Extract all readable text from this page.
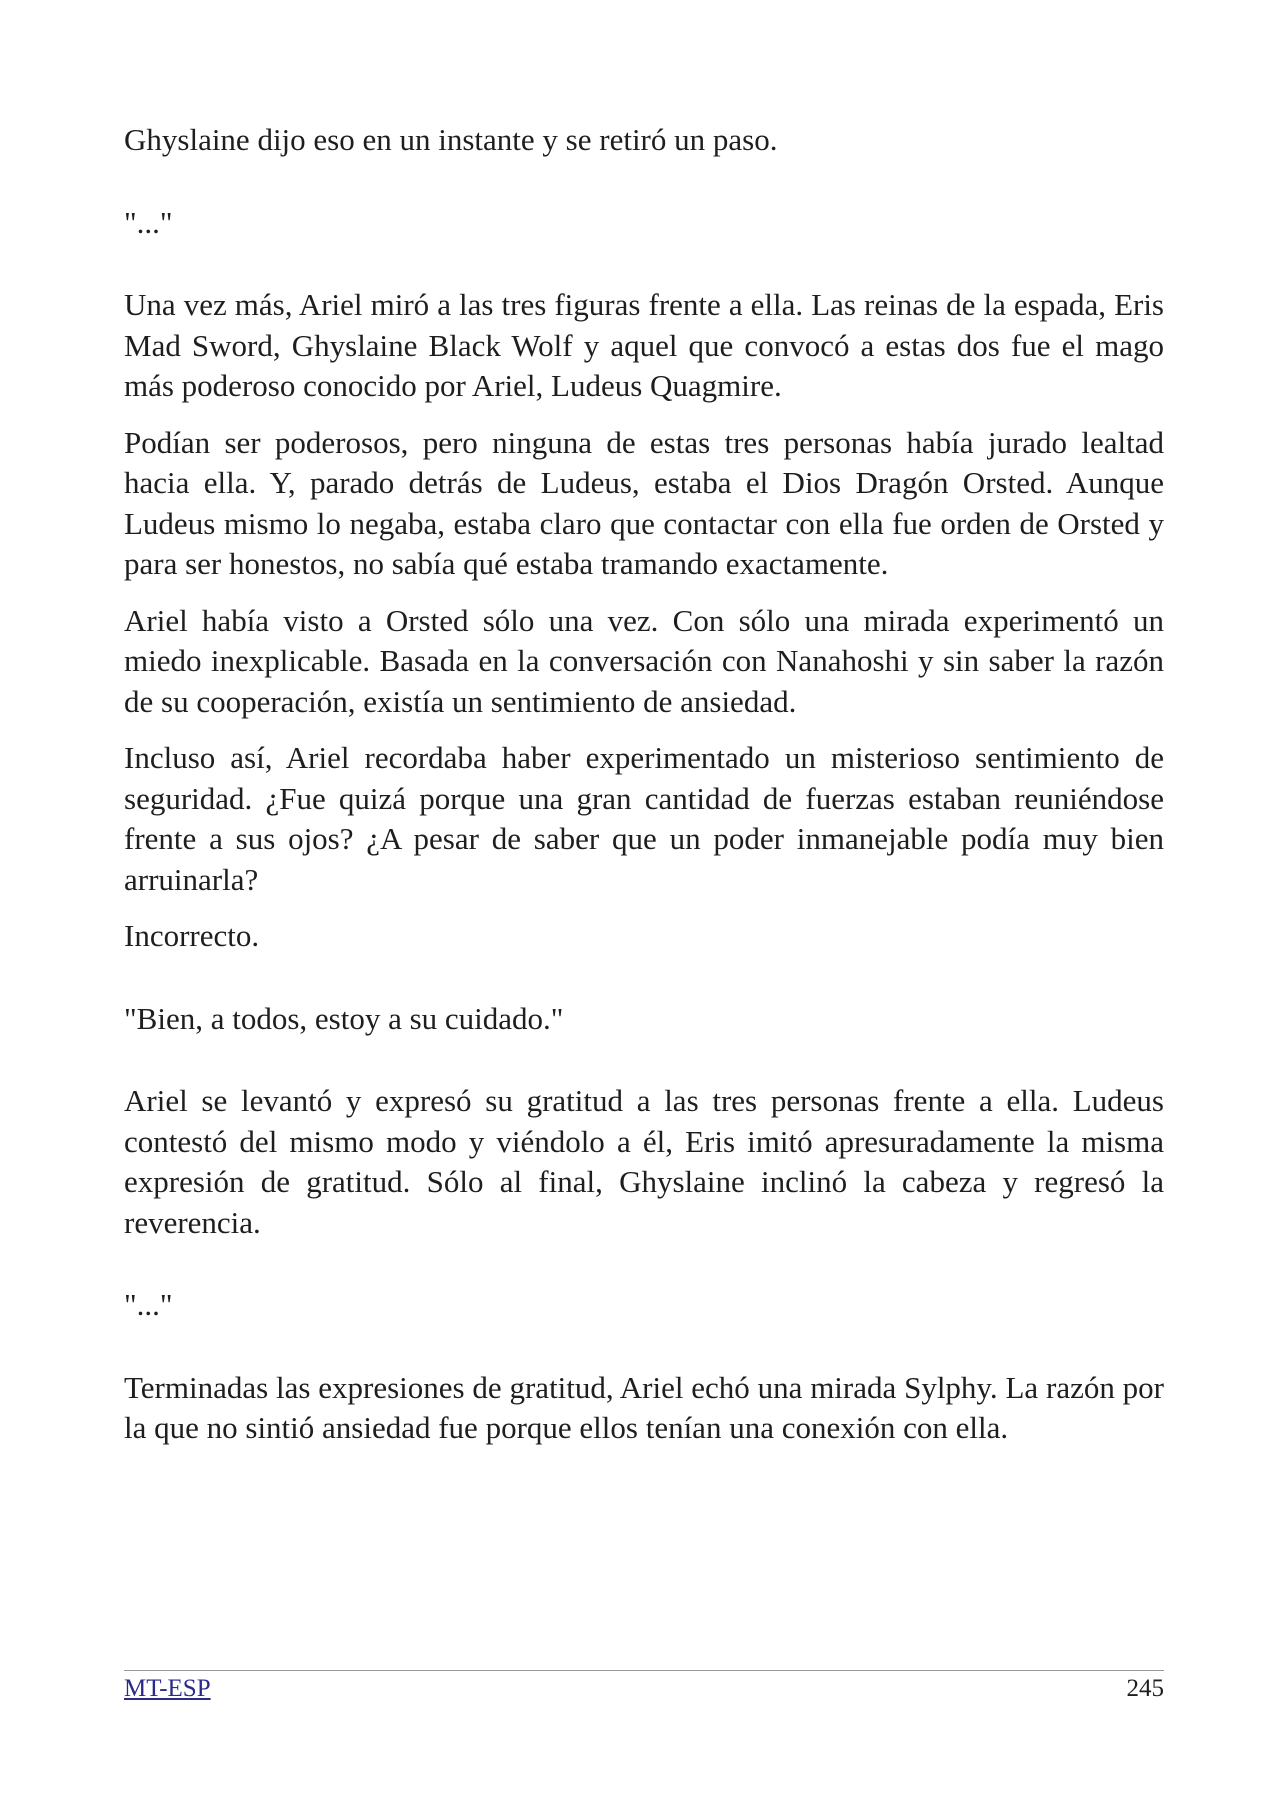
Ghyslaine dijo eso en un instante y se retiró un paso.

"..."

Una vez más, Ariel miró a las tres figuras frente a ella. Las reinas de la espada, Eris Mad Sword, Ghyslaine Black Wolf y aquel que convocó a estas dos fue el mago más poderoso conocido por Ariel, Ludeus Quagmire.

Podían ser poderosos, pero ninguna de estas tres personas había jurado lealtad hacia ella. Y, parado detrás de Ludeus, estaba el Dios Dragón Orsted. Aunque Ludeus mismo lo negaba, estaba claro que contactar con ella fue orden de Orsted y para ser honestos, no sabía qué estaba tramando exactamente.

Ariel había visto a Orsted sólo una vez. Con sólo una mirada experimentó un miedo inexplicable. Basada en la conversación con Nanahoshi y sin saber la razón de su cooperación, existía un sentimiento de ansiedad.

Incluso así, Ariel recordaba haber experimentado un misterioso sentimiento de seguridad. ¿Fue quizá porque una gran cantidad de fuerzas estaban reuniéndose frente a sus ojos? ¿A pesar de saber que un poder inmanejable podía muy bien arruinarla?

Incorrecto.

"Bien, a todos, estoy a su cuidado."

Ariel se levantó y expresó su gratitud a las tres personas frente a ella. Ludeus contestó del mismo modo y viéndolo a él, Eris imitó apresuradamente la misma expresión de gratitud. Sólo al final, Ghyslaine inclinó la cabeza y regresó la reverencia.

"..."

Terminadas las expresiones de gratitud, Ariel echó una mirada Sylphy. La razón por la que no sintió ansiedad fue porque ellos tenían una conexión con ella.

MT-ESP	245
